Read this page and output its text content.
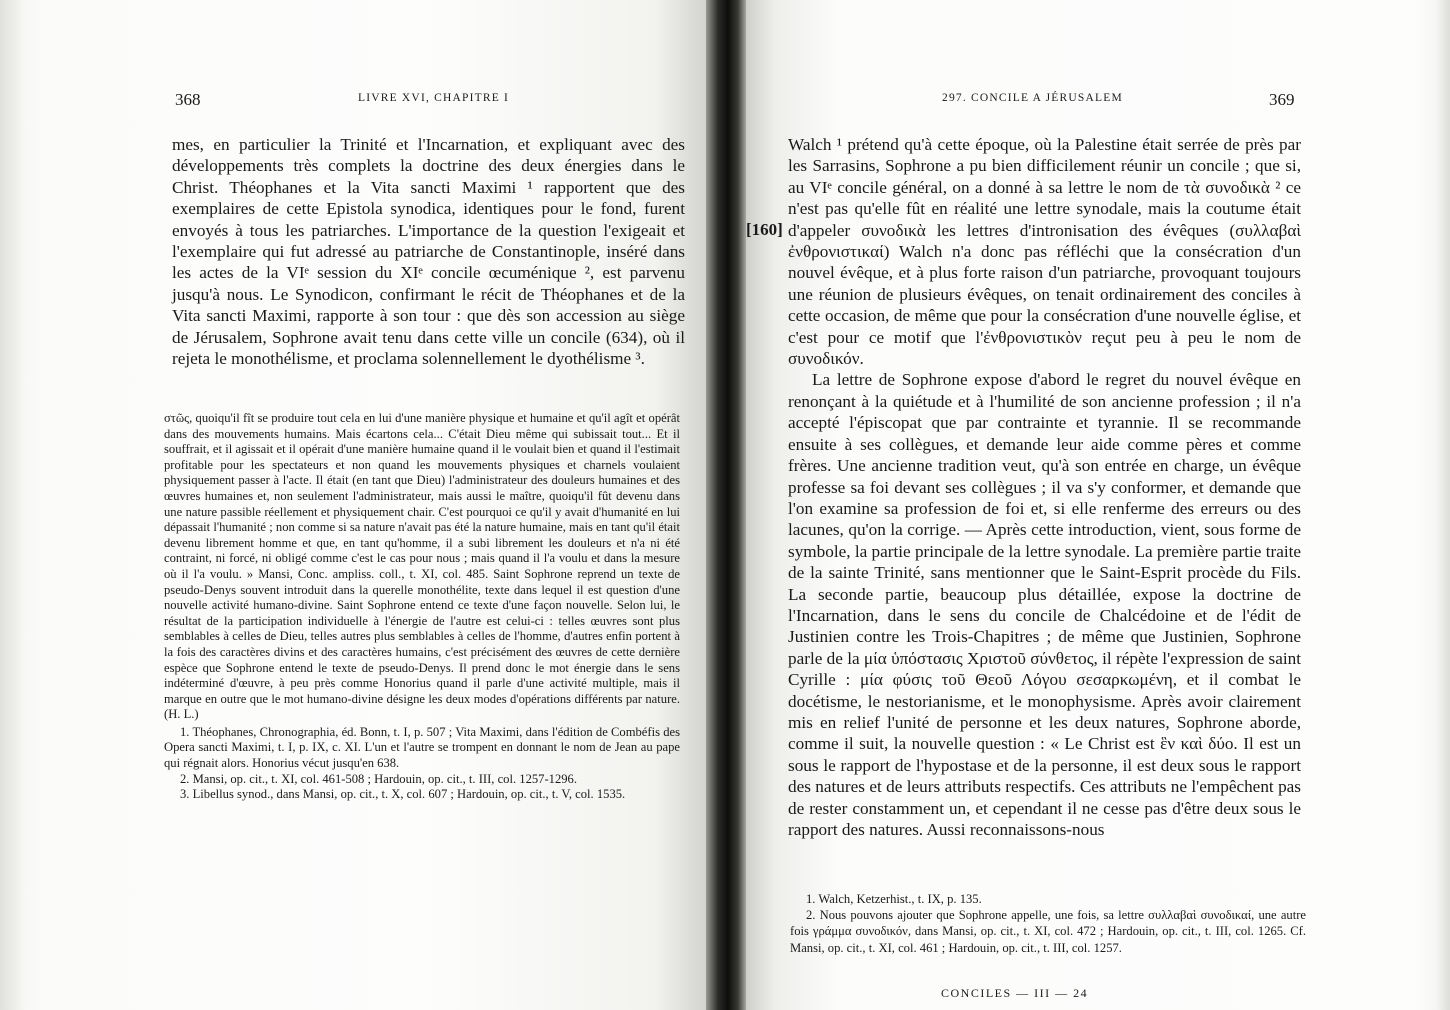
368	LIVRE XVI, CHAPITRE I

mes, en particulier la Trinité et l'Incarnation, et expliquant avec des développements très complets la doctrine des deux énergies dans le Christ. Théophanes et la Vita sancti Maximi ¹ rapportent que des exemplaires de cette Epistola synodica, identiques pour le fond, furent envoyés à tous les patriarches. L'importance de la question l'exigeait et l'exemplaire qui fut adressé au patriarche de Constantinople, inséré dans les actes de la VIᵉ session du XIᵉ concile œcuménique ², est parvenu jusqu'à nous. Le Synodicon, confirmant le récit de Théophanes et de la Vita sancti Maximi, rapporte à son tour : que dès son accession au siège de Jérusalem, Sophrone avait tenu dans cette ville un concile (634), où il rejeta le monothélisme, et proclama solennellement le dyothélisme ³.

στῶς, quoiqu'il fît se produire tout cela en lui d'une manière physique et humaine et qu'il agît et opérât dans des mouvements humains. Mais écartons cela... C'était Dieu même qui subissait tout... Et il souffrait, et il agissait et il opérait d'une manière humaine quand il le voulait bien et quand il l'estimait profitable pour les spectateurs et non quand les mouvements physiques et charnels voulaient physiquement passer à l'acte. Il était (en tant que Dieu) l'administrateur des douleurs humaines et des œuvres humaines et, non seulement l'administrateur, mais aussi le maître, quoiqu'il fût devenu dans une nature passible réellement et physiquement chair. C'est pourquoi ce qu'il y avait d'humanité en lui dépassait l'humanité ; non comme si sa nature n'avait pas été la nature humaine, mais en tant qu'il était devenu librement homme et que, en tant qu'homme, il a subi librement les douleurs et n'a ni été contraint, ni forcé, ni obligé comme c'est le cas pour nous ; mais quand il l'a voulu et dans la mesure où il l'a voulu. » Mansi, Conc. ampliss. coll., t. XI, col. 485. Saint Sophrone reprend un texte de pseudo-Denys souvent introduit dans la querelle monothélite, texte dans lequel il est question d'une nouvelle activité humano-divine. Saint Sophrone entend ce texte d'une façon nouvelle. Selon lui, le résultat de la participation individuelle à l'énergie de l'autre est celui-ci : telles œuvres sont plus semblables à celles de Dieu, telles autres plus semblables à celles de l'homme, d'autres enfin portent à la fois des caractères divins et des caractères humains, c'est précisément des œuvres de cette dernière espèce que Sophrone entend le texte de pseudo-Denys. Il prend donc le mot énergie dans le sens indéterminé d'œuvre, à peu près comme Honorius quand il parle d'une activité multiple, mais il marque en outre que le mot humano-divine désigne les deux modes d'opérations différents par nature. (H. L.)

1. Théophanes, Chronographia, éd. Bonn, t. I, p. 507 ; Vita Maximi, dans l'édition de Combéfis des Opera sancti Maximi, t. I, p. IX, c. XI. L'un et l'autre se trompent en donnant le nom de Jean au pape qui régnait alors. Honorius vécut jusqu'en 638.

2. Mansi, op. cit., t. XI, col. 461-508 ; Hardouin, op. cit., t. III, col. 1257-1296.

3. Libellus synod., dans Mansi, op. cit., t. X, col. 607 ; Hardouin, op. cit., t. V, col. 1535.

297. CONCILE A JÉRUSALEM	369
[160]

Walch ¹ prétend qu'à cette époque, où la Palestine était serrée de près par les Sarrasins, Sophrone a pu bien difficilement réunir un concile ; que si, au VIᵉ concile général, on a donné à sa lettre le nom de τὰ συνοδικὰ ² ce n'est pas qu'elle fût en réalité une lettre synodale, mais la coutume était d'appeler συνοδικὰ les lettres d'intronisation des évêques (συλλαβαὶ ἐνθρονιστικαί) Walch n'a donc pas réfléchi que la consécration d'un nouvel évêque, et à plus forte raison d'un patriarche, provoquant toujours une réunion de plusieurs évêques, on tenait ordinairement des conciles à cette occasion, de même que pour la consécration d'une nouvelle église, et c'est pour ce motif que l'ἐνθρονιστικὸν reçut peu à peu le nom de συνοδικόν.

La lettre de Sophrone expose d'abord le regret du nouvel évêque en renonçant à la quiétude et à l'humilité de son ancienne profession ; il n'a accepté l'épiscopat que par contrainte et tyrannie. Il se recommande ensuite à ses collègues, et demande leur aide comme pères et comme frères. Une ancienne tradition veut, qu'à son entrée en charge, un évêque professe sa foi devant ses collègues ; il va s'y conformer, et demande que l'on examine sa profession de foi et, si elle renferme des erreurs ou des lacunes, qu'on la corrige. — Après cette introduction, vient, sous forme de symbole, la partie principale de la lettre synodale. La première partie traite de la sainte Trinité, sans mentionner que le Saint-Esprit procède du Fils. La seconde partie, beaucoup plus détaillée, expose la doctrine de l'Incarnation, dans le sens du concile de Chalcédoine et de l'édit de Justinien contre les Trois-Chapitres ; de même que Justinien, Sophrone parle de la μία ὑπόστασις Χριστοῦ σύνθετος, il répète l'expression de saint Cyrille : μία φύσις τοῦ Θεοῦ Λόγου σεσαρκωμένη, et il combat le docétisme, le nestorianisme, et le monophysisme. Après avoir clairement mis en relief l'unité de personne et les deux natures, Sophrone aborde, comme il suit, la nouvelle question : « Le Christ est ἓν καὶ δύο. Il est un sous le rapport de l'hypostase et de la personne, il est deux sous le rapport des natures et de leurs attributs respectifs. Ces attributs ne l'empêchent pas de rester constamment un, et cependant il ne cesse pas d'être deux sous le rapport des natures. Aussi reconnaissons-nous

1. Walch, Ketzerhist., t. IX, p. 135.

2. Nous pouvons ajouter que Sophrone appelle, une fois, sa lettre συλλαβαὶ συνοδικαί, une autre fois γράμμα συνοδικόν, dans Mansi, op. cit., t. XI, col. 472 ; Hardouin, op. cit., t. III, col. 1265. Cf. Mansi, op. cit., t. XI, col. 461 ; Hardouin, op. cit., t. III, col. 1257.

CONCILES — III — 24
